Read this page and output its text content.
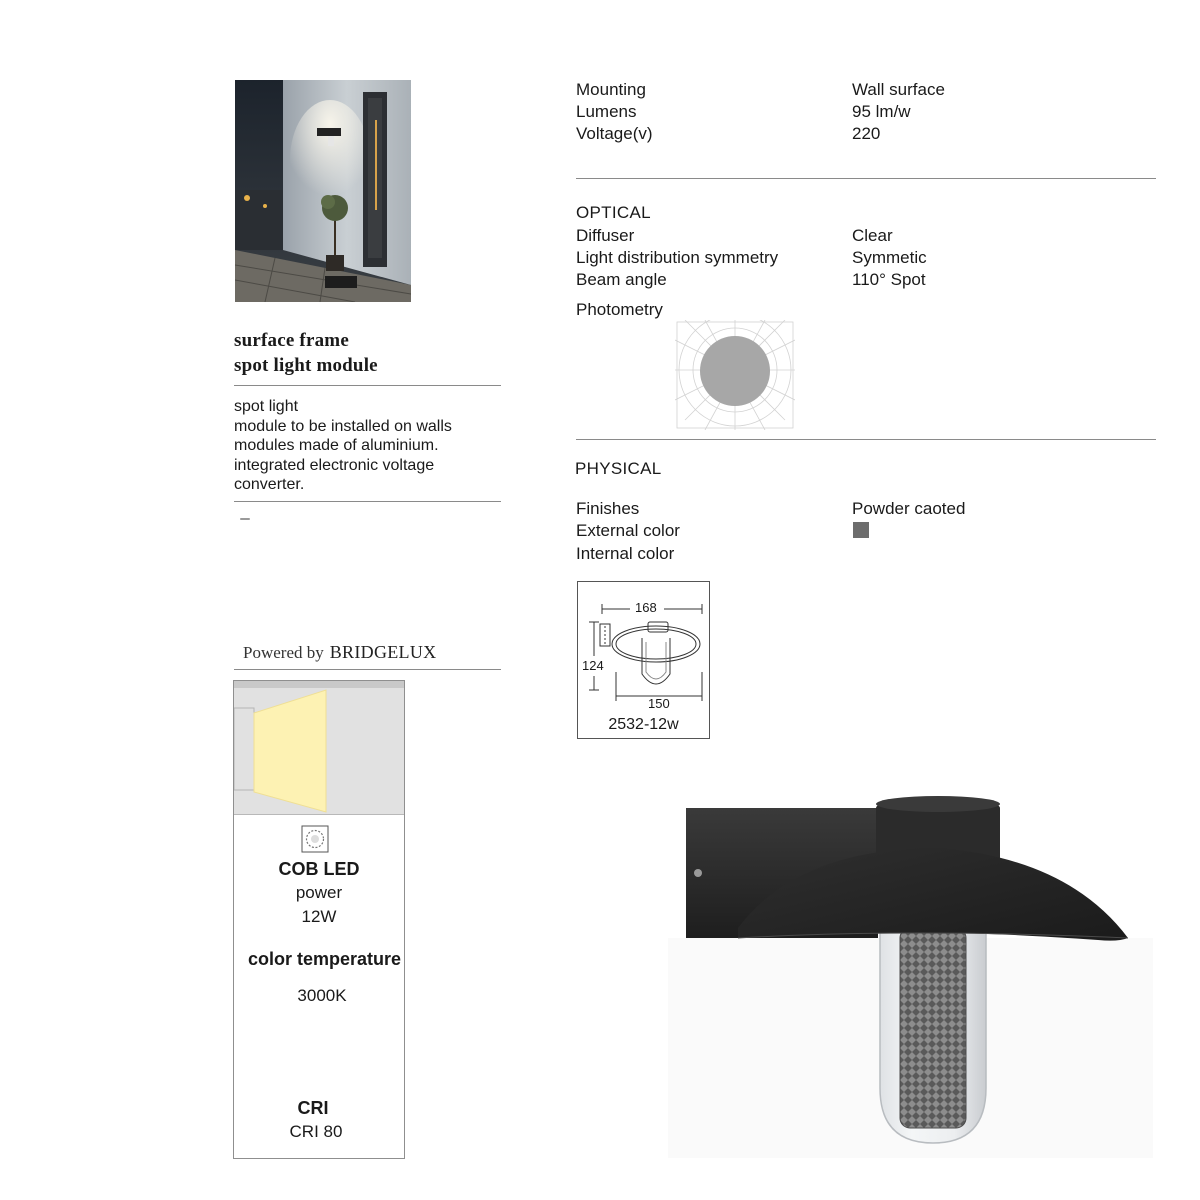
surface frame
spot light module
spot light
module to be installed on walls
modules made of aluminium.
integrated electronic voltage
converter.
Powered by BRIDGELUX
COB LED
power
12W
color temperature
3000K
CRI
CRI 80
Mounting	Wall surface
Lumens	95 lm/w
Voltage(v)	220
OPTICAL
Diffuser	Clear
Light distribution symmetry	Symmetic
Beam angle	110° Spot
Photometry
PHYSICAL
Finishes	Powder caoted
External color
Internal color
168
124
150
2532-12w
